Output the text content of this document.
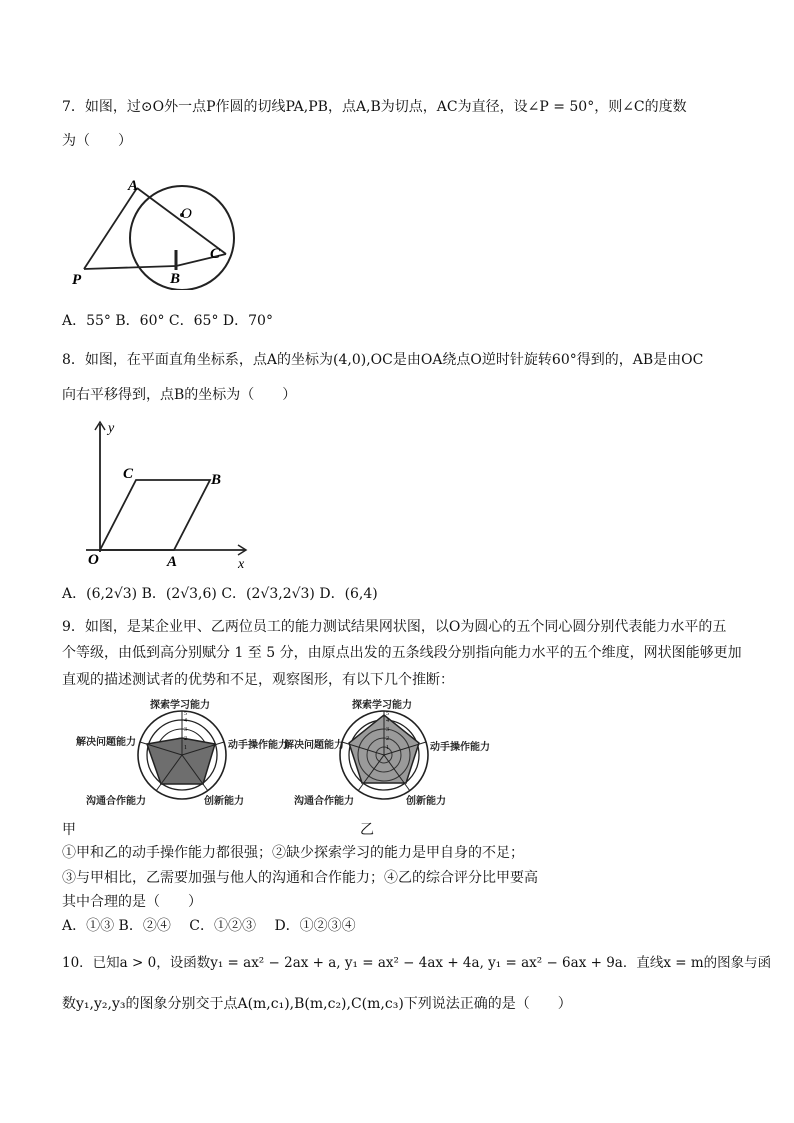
7．如图，过⊙O外一点P作圆的切线PA,PB，点A,B为切点，AC为直径，设∠P = 50°，则∠C的度数
为（　　）
A
O
C
P	B
A．55° B．60° C．65° D．70°
8．如图，在平面直角坐标系，点A的坐标为(4,0),OC是由OA绕点O逆时针旋转60°得到的，AB是由OC
向右平移得到，点B的坐标为（　　）
y
x
O	A
B
C
A．(6,2√3) B．(2√3,6) C．(2√3,2√3) D．(6,4)
9．如图，是某企业甲、乙两位员工的能力测试结果网状图，以O为圆心的五个同心圆分别代表能力水平的五
个等级，由低到高分别赋分 1 至 5 分，由原点出发的五条线段分别指向能力水平的五个维度，网状图能够更加
直观的描述测试者的优势和不足，观察图形，有以下几个推断：
1
2
3
4
5
探索学习能力
动手操作能力
创新能力
沟通合作能力
解决问题能力	1
2
3
4
5
探索学习能力
动手操作能力
创新能力
沟通合作能力
解决问题能力
甲	乙
①甲和乙的动手操作能力都很强；②缺少探索学习的能力是甲自身的不足；
③与甲相比，乙需要加强与他人的沟通和合作能力；④乙的综合评分比甲要高
其中合理的是（　　）
A．①③ B．②④　 C．①②③　 D．①②③④
10．已知a > 0，设函数y₁ = ax² − 2ax + a, y₁ = ax² − 4ax + 4a, y₁ = ax² − 6ax + 9a．直线x = m的图象与函
数y₁,y₂,y₃的图象分别交于点A(m,c₁),B(m,c₂),C(m,c₃)下列说法正确的是（　　）
